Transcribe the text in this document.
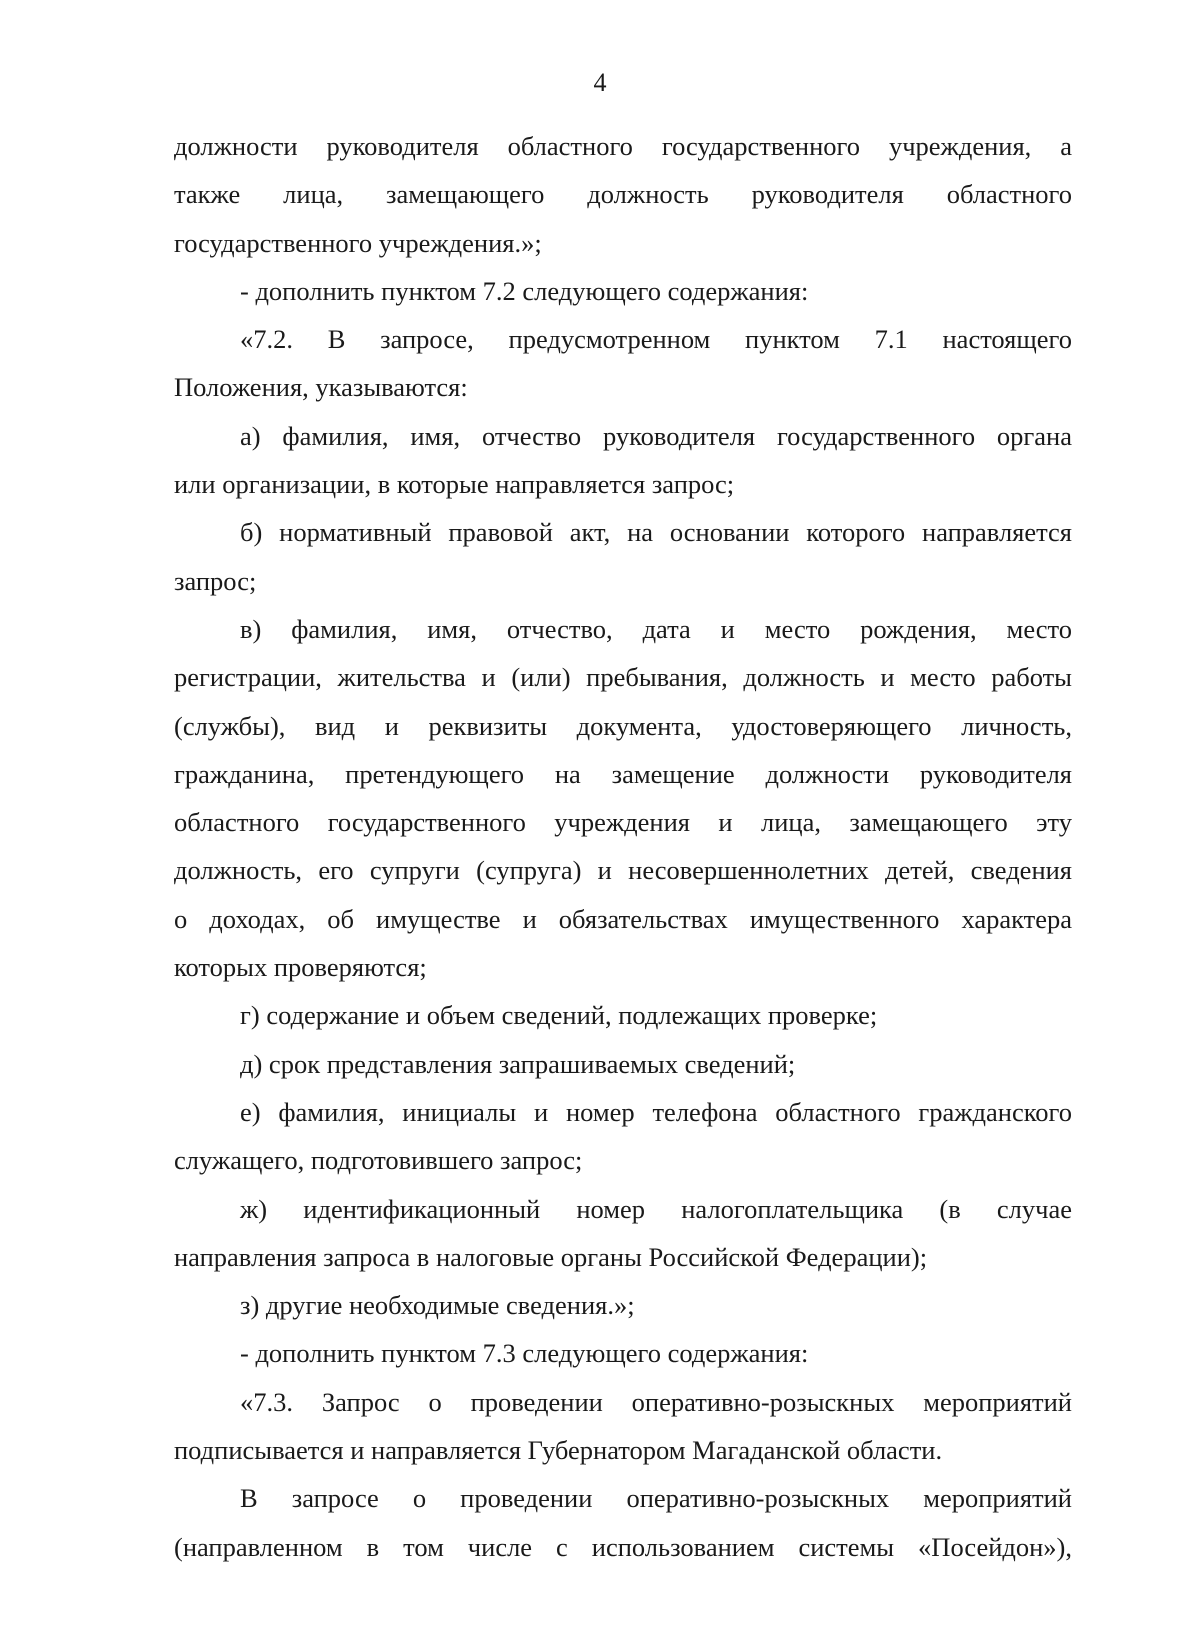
4
должности руководителя областного государственного учреждения, а
также лица, замещающего должность руководителя областного
государственного учреждения.»;
- дополнить пунктом 7.2 следующего содержания:
«7.2. В запросе, предусмотренном пунктом 7.1 настоящего
Положения, указываются:
а) фамилия, имя, отчество руководителя государственного органа
или организации, в которые направляется запрос;
б) нормативный правовой акт, на основании которого направляется
запрос;
в) фамилия, имя, отчество, дата и место рождения, место
регистрации, жительства и (или) пребывания, должность и место работы
(службы), вид и реквизиты документа, удостоверяющего личность,
гражданина, претендующего на замещение должности руководителя
областного государственного учреждения и лица, замещающего эту
должность, его супруги (супруга) и несовершеннолетних детей, сведения
о доходах, об имуществе и обязательствах имущественного характера
которых проверяются;
г) содержание и объем сведений, подлежащих проверке;
д) срок представления запрашиваемых сведений;
е) фамилия, инициалы и номер телефона областного гражданского
служащего, подготовившего запрос;
ж) идентификационный номер налогоплательщика (в случае
направления запроса в налоговые органы Российской Федерации);
з) другие необходимые сведения.»;
- дополнить пунктом 7.3 следующего содержания:
«7.3. Запрос о проведении оперативно-розыскных мероприятий
подписывается и направляется Губернатором Магаданской области.
В запросе о проведении оперативно-розыскных мероприятий
(направленном в том числе с использованием системы «Посейдон»),
